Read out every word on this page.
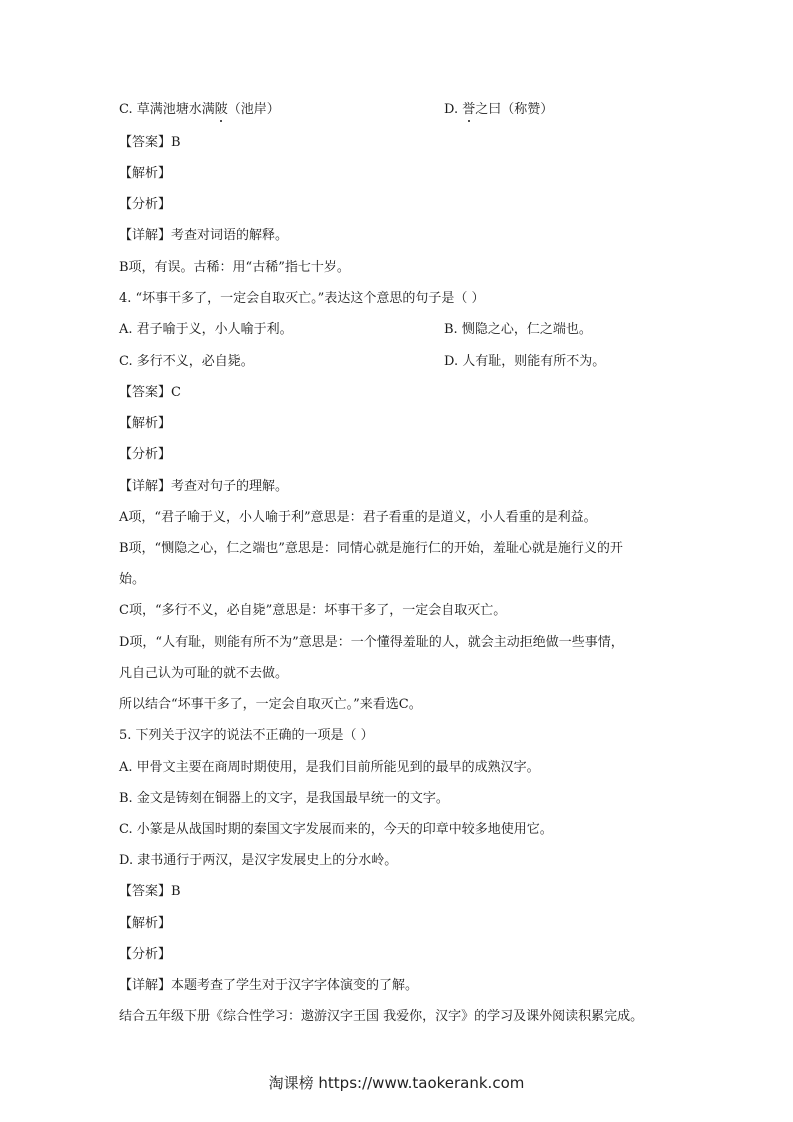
C. 草满池塘水满陂（池岸）	D. 誉之曰（称赞）
【答案】B
【解析】
【分析】
【详解】考查对词语的解释。
B项，有误。古稀：用“古稀”指七十岁。
4. “坏事干多了，一定会自取灭亡。”表达这个意思的句子是（ ）
A. 君子喻于义，小人喻于利。	B. 恻隐之心，仁之端也。
C. 多行不义，必自毙。	D. 人有耻，则能有所不为。
【答案】C
【解析】
【分析】
【详解】考查对句子的理解。
A项，“君子喻于义，小人喻于利”意思是：君子看重的是道义，小人看重的是利益。
B项，“恻隐之心，仁之端也”意思是：同情心就是施行仁的开始，羞耻心就是施行义的开
始。
C项，“多行不义，必自毙”意思是：坏事干多了，一定会自取灭亡。
D项，“人有耻，则能有所不为”意思是：一个懂得羞耻的人，就会主动拒绝做一些事情，
凡自己认为可耻的就不去做。
所以结合“坏事干多了，一定会自取灭亡。”来看选C。
5. 下列关于汉字的说法不正确的一项是（ ）
A. 甲骨文主要在商周时期使用，是我们目前所能见到的最早的成熟汉字。
B. 金文是铸刻在铜器上的文字，是我国最早统一的文字。
C. 小篆是从战国时期的秦国文字发展而来的，今天的印章中较多地使用它。
D. 隶书通行于两汉，是汉字发展史上的分水岭。
【答案】B
【解析】
【分析】
【详解】本题考查了学生对于汉字字体演变的了解。
结合五年级下册《综合性学习：遨游汉字王国 我爱你，汉字》的学习及课外阅读积累完成。
淘课榜 https://www.taokerank.com
